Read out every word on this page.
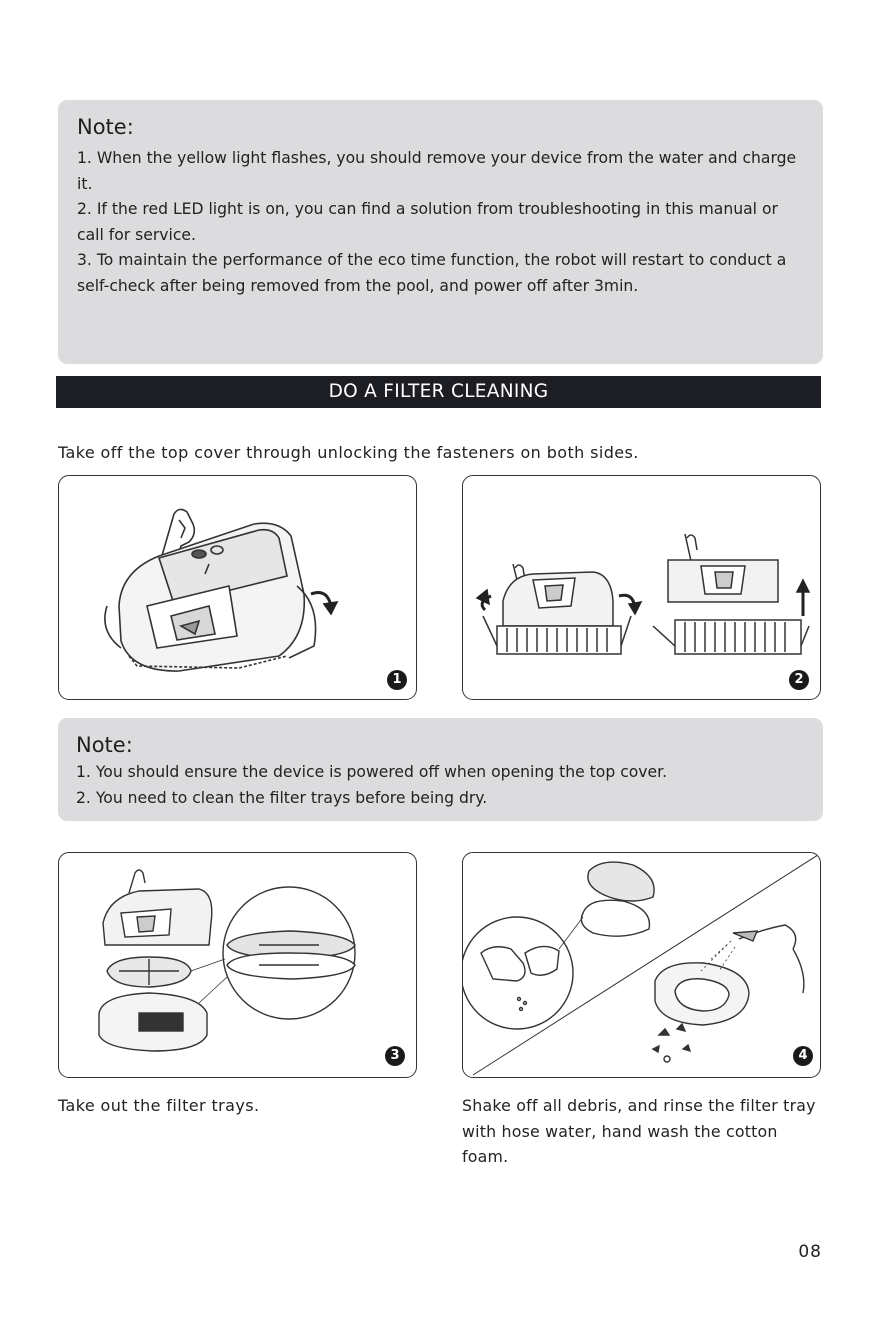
Note:

1. When the yellow light flashes, you should remove your device from the water and charge it.

2. If the red LED light is on, you can find a solution from troubleshooting in this manual or call for service.

3. To maintain the performance of the eco time function, the robot will restart to conduct a self-check after being removed from the pool, and power off after 3min.

DO A FILTER CLEANING
Take off the top cover through unlocking the fasteners on both sides.
1	2
Note:

1. You should ensure the device is powered off when opening the top cover.

2. You need to clean the filter trays before being dry.

3	4
Take out the filter trays.	Shake off all debris, and rinse the filter tray with hose water, hand wash the cotton foam.
08
